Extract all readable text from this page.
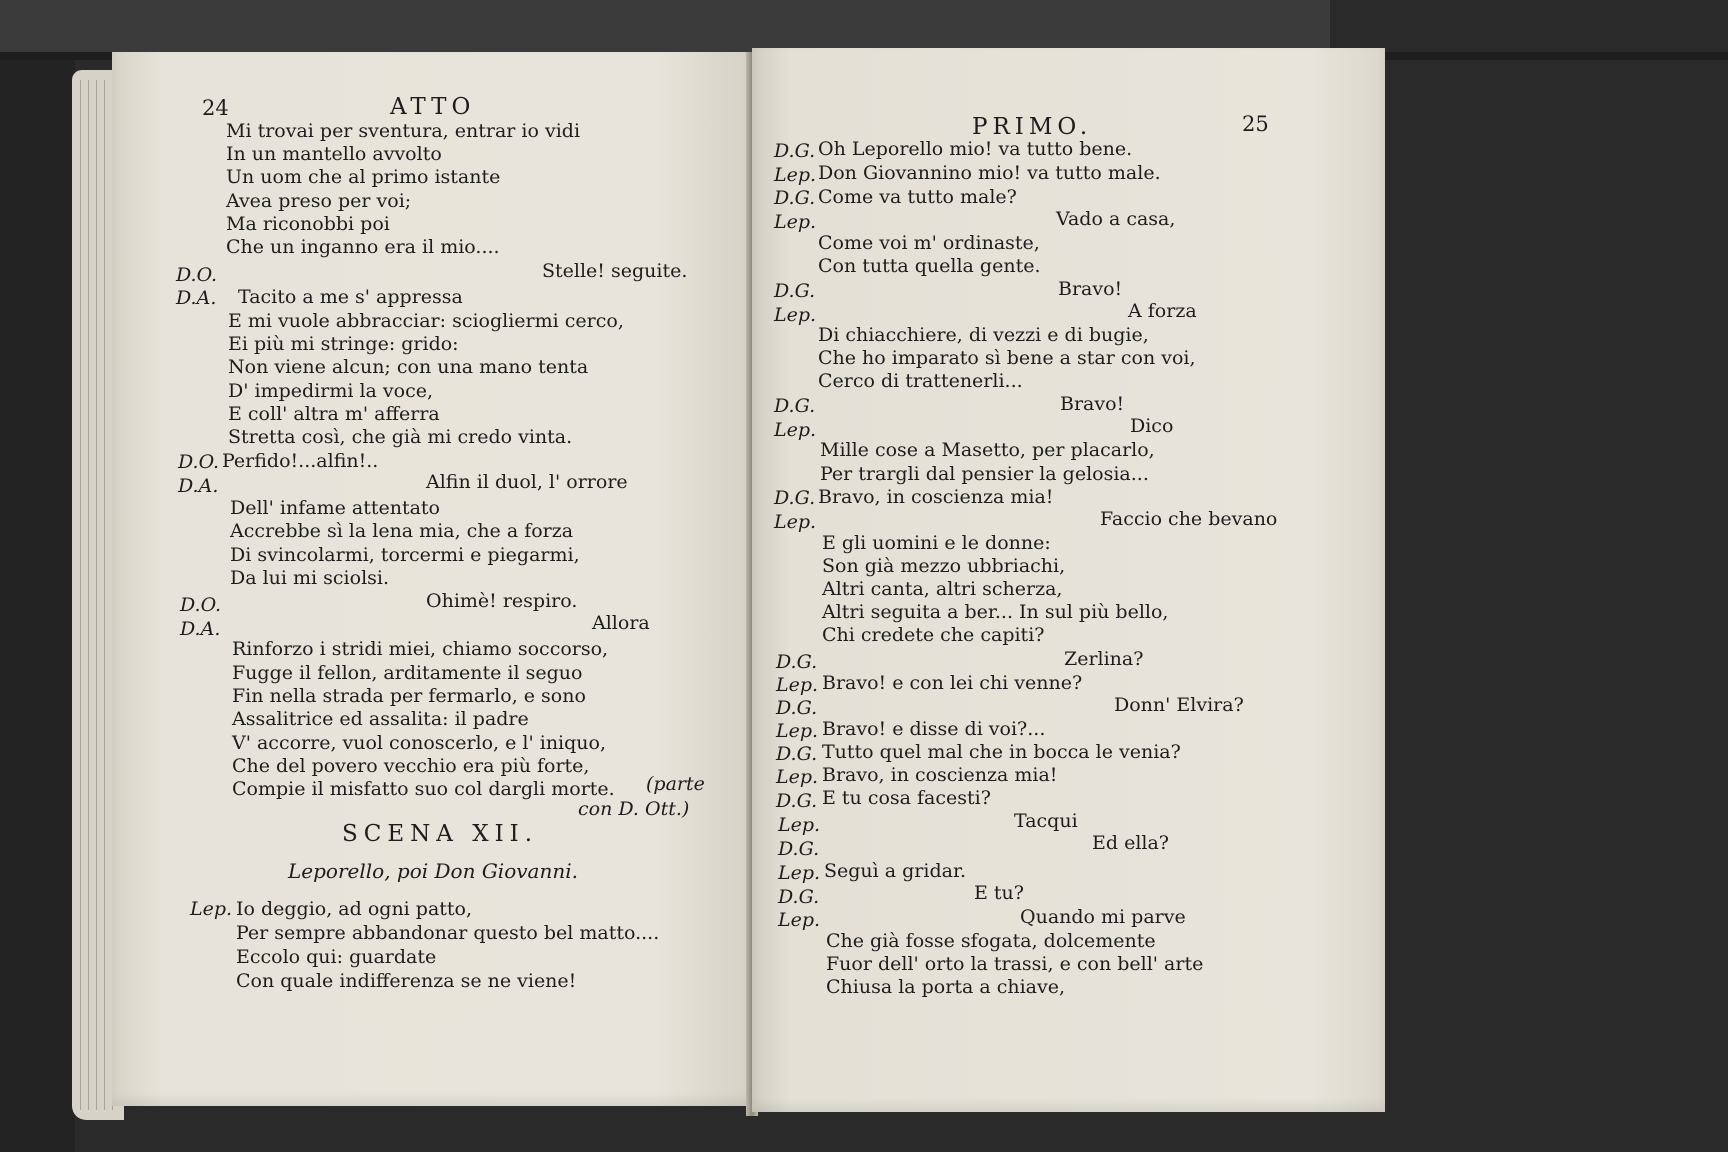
24	ATTO
Mi trovai per sventura, entrar io vidi
In un mantello avvolto
Un uom che al primo istante
Avea preso per voi;
Ma riconobbi poi
Che un inganno era il mio....
D.O.	Stelle! seguite.
D.A. Tacito a me s' appressa
E mi vuole abbracciar: sciogliermi cerco,
Ei più mi stringe: grido:
Non viene alcun; con una mano tenta
D' impedirmi la voce,
E coll' altra m' afferra
Stretta così, che già mi credo vinta.
D.O. Perfido!...alfin!..
D.A.	Alfin il duol, l' orrore
Dell' infame attentato
Accrebbe sì la lena mia, che a forza
Di svincolarmi, torcermi e piegarmi,
Da lui mi sciolsi.
D.O.	Ohimè! respiro.
D.A.	Allora
Rinforzo i stridi miei, chiamo soccorso,
Fugge il fellon, arditamente il seguo
Fin nella strada per fermarlo, e sono
Assalitrice ed assalita: il padre
V' accorre, vuol conoscerlo, e l' iniquo,
Che del povero vecchio era più forte,
Compie il misfatto suo col dargli morte. (parte
con D. Ott.)
SCENA XII.
Leporello, poi Don Giovanni.
Lep. Io deggio, ad ogni patto,
Per sempre abbandonar questo bel matto....
Eccolo qui: guardate
Con quale indifferenza se ne viene!
PRIMO.	25
D.G. Oh Leporello mio! va tutto bene.
Lep. Don Giovannino mio! va tutto male.
D.G. Come va tutto male?
Lep.	Vado a casa,
Come voi m' ordinaste,
Con tutta quella gente.
D.G.	Bravo!
Lep.	A forza
Di chiacchiere, di vezzi e di bugie,
Che ho imparato sì bene a star con voi,
Cerco di trattenerli...
D.G.	Bravo!
Lep.	Dico
Mille cose a Masetto, per placarlo,
Per trargli dal pensier la gelosia...
D.G. Bravo, in coscienza mia!
Lep.	Faccio che bevano
E gli uomini e le donne:
Son già mezzo ubbriachi,
Altri canta, altri scherza,
Altri seguita a ber... In sul più bello,
Chi credete che capiti?
D.G.	Zerlina?
Lep. Bravo! e con lei chi venne?
D.G.	Donn' Elvira?
Lep. Bravo! e disse di voi?...
D.G. Tutto quel mal che in bocca le venia?
Lep. Bravo, in coscienza mia!
D.G. E tu cosa facesti?
Lep.	Tacqui
D.G.	Ed ella?
Lep. Seguì a gridar.
D.G.	E tu?
Lep.	Quando mi parve
Che già fosse sfogata, dolcemente
Fuor dell' orto la trassi, e con bell' arte
Chiusa la porta a chiave,
